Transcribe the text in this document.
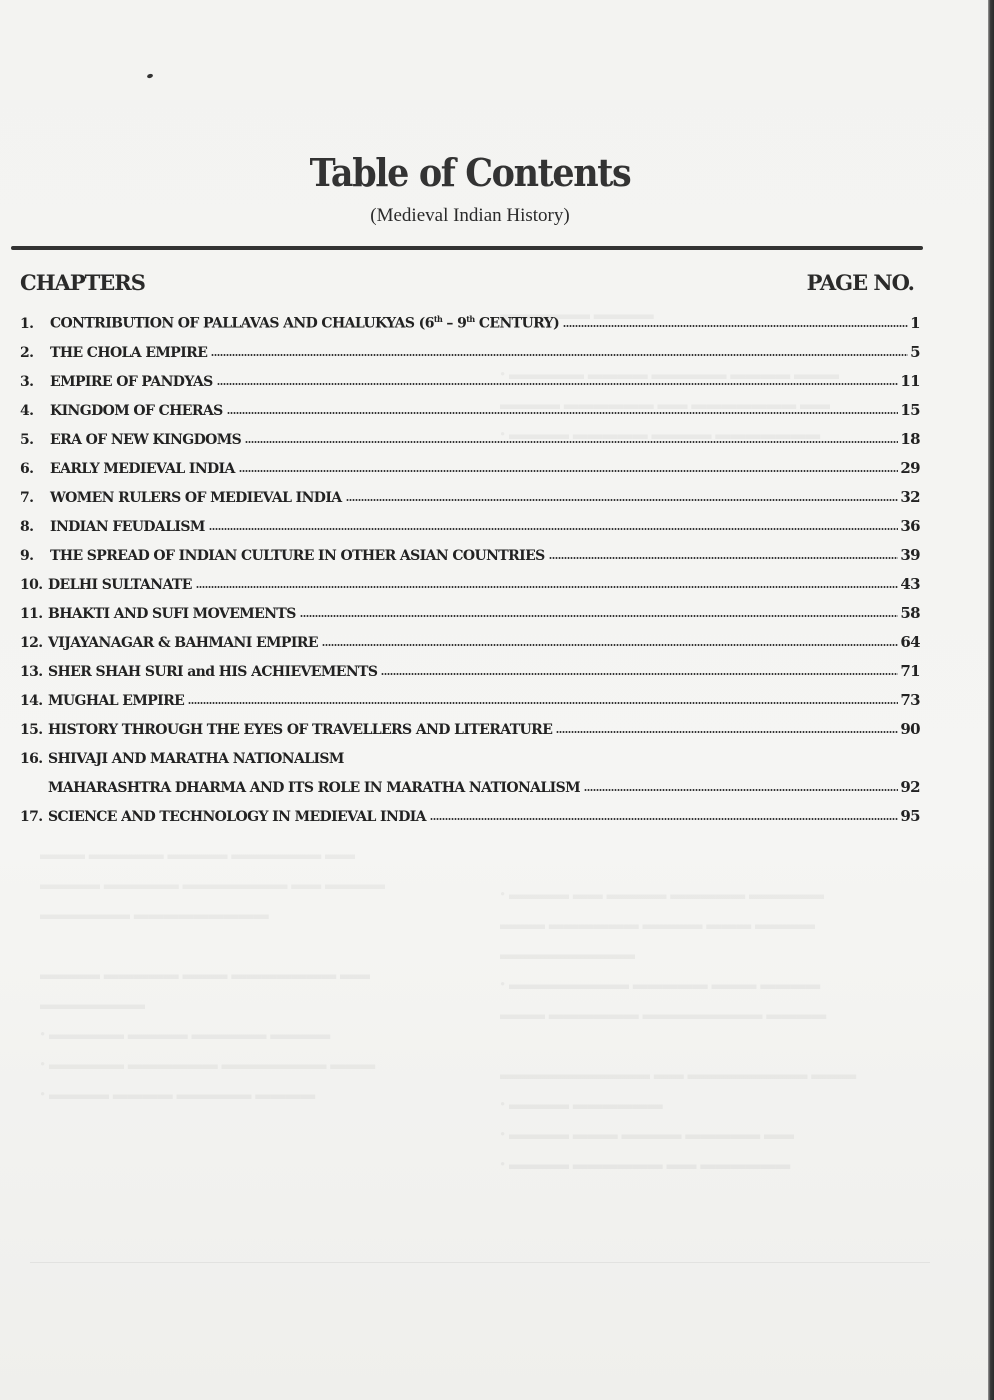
Table of Contents
(Medieval Indian History)
CHAPTERS	PAGE NO.
1.	CONTRIBUTION OF PALLAVAS AND CHALUKYAS (6th – 9th CENTURY)	1
2.	THE CHOLA EMPIRE	5
3.	EMPIRE OF PANDYAS	11
4.	KINGDOM OF CHERAS	15
5.	ERA OF NEW KINGDOMS	18
6.	EARLY MEDIEVAL INDIA	29
7.	WOMEN RULERS OF MEDIEVAL INDIA	32
8.	INDIAN FEUDALISM	36
9.	THE SPREAD OF INDIAN CULTURE IN OTHER ASIAN COUNTRIES	39
10. DELHI SULTANATE	43
11. BHAKTI AND SUFI MOVEMENTS	58
12. VIJAYANAGAR & BAHMANI EMPIRE	64
13. SHER SHAH SURI and HIS ACHIEVEMENTS	71
14. MUGHAL EMPIRE	73
15. HISTORY THROUGH THE EYES OF TRAVELLERS AND LITERATURE	90
16. SHIVAJI AND MARATHA NATIONALISM
MAHARASHTRA DHARMA AND ITS ROLE IN MARATHA NATIONALISM	92
17. SCIENCE AND TECHNOLOGY IN MEDIEVAL INDIA	95
